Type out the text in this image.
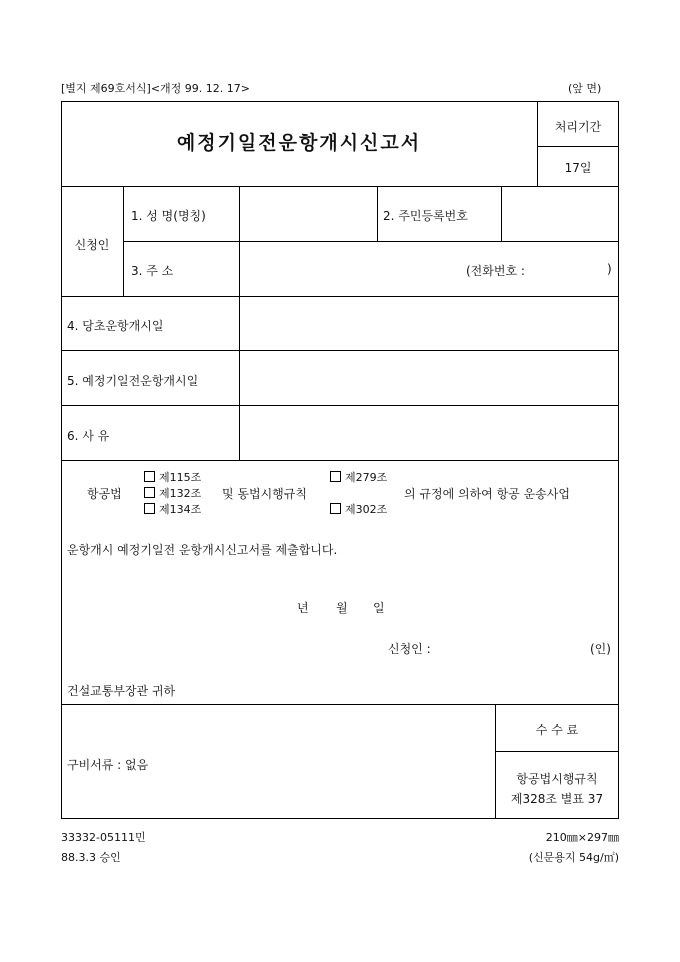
[별지 제69호서식]<개정 99. 12. 17>	(앞 면)
예정기일전운항개시신고서
처리기간
17일
신청인
1. 성 명(명칭)	2. 주민등록번호
3. 주 소	(전화번호 :	)
4. 당초운항개시일
5. 예정기일전운항개시일
6. 사 유
항공법
제115조
제132조
제134조
및 동법시행규칙
제279조
제302조
의 규정에 의하여 항공 운송사업
운항개시 예정기일전 운항개시신고서를 제출합니다.
년 월 일
신청인 :	(인)
건설교통부장관 귀하
구비서류 : 없음
수 수 료
항공법시행규칙
제328조 별표 37
33332-05111민
88.3.3 승인
210㎜×297㎜
(신문용지 54g/㎡)
